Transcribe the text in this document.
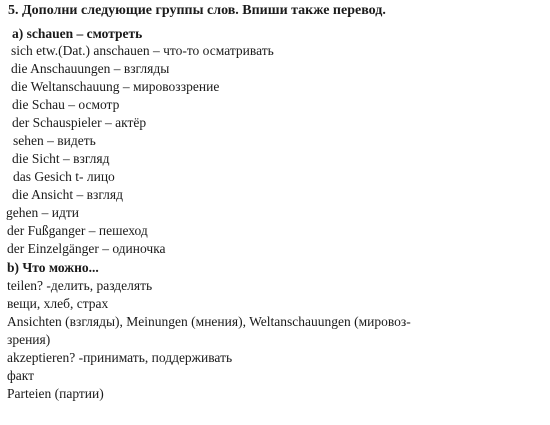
5. Дополни следующие группы слов. Впиши также перевод.
a) schauen – смотреть
sich etw.(Dat.) anschauen – что-то осматривать
die Anschauungen – взгляды
die Weltanschauung – мировоззрение
die Schau – осмотр
der Schauspieler – актёр
sehen – видеть
die Sicht – взгляд
das Gesich t- лицо
die Ansicht – взгляд
gehen – идти
der Fußganger – пешеход
der Einzelgänger – одиночка
b) Что можно...
teilen? -делить, разделять
вещи, хлеб, страх
Ansichten (взгляды), Meinungen (мнения), Weltanschauungen (мировоз-
зрения)
akzeptieren? -принимать, поддерживать
факт
Parteien (партии)
